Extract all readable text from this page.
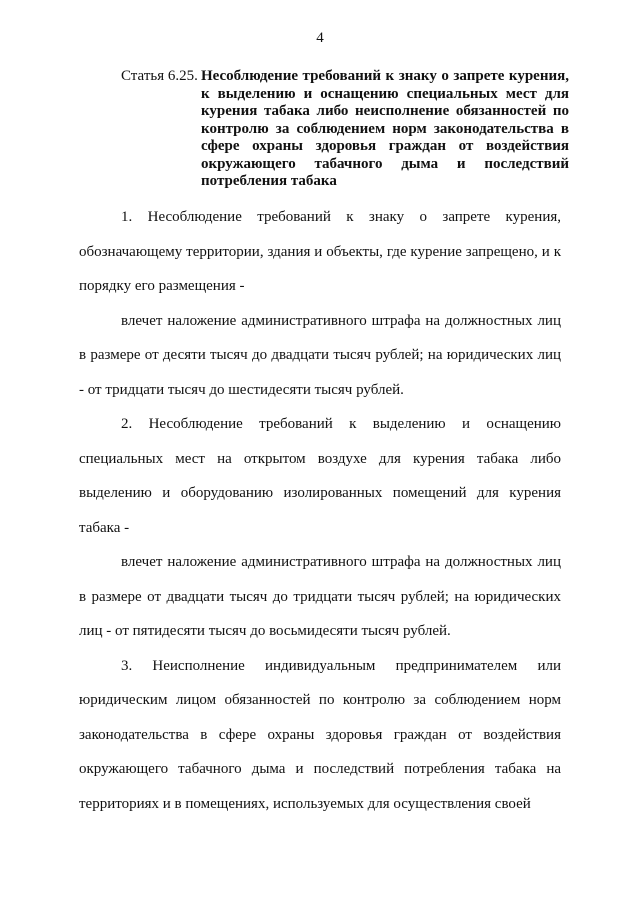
4
Статья 6.25. Несоблюдение требований к знаку о запрете курения, к выделению и оснащению специальных мест для курения табака либо неисполнение обязанностей по контролю за соблюдением норм законодательства в сфере охраны здоровья граждан от воздействия окружающего табачного дыма и последствий потребления табака

1. Несоблюдение требований к знаку о запрете курения, обозначающему территории, здания и объекты, где курение запрещено, и к порядку его размещения -

влечет наложение административного штрафа на должностных лиц в размере от десяти тысяч до двадцати тысяч рублей; на юридических лиц - от тридцати тысяч до шестидесяти тысяч рублей.

2. Несоблюдение требований к выделению и оснащению специальных мест на открытом воздухе для курения табака либо выделению и оборудованию изолированных помещений для курения табака -

влечет наложение административного штрафа на должностных лиц в размере от двадцати тысяч до тридцати тысяч рублей; на юридических лиц - от пятидесяти тысяч до восьмидесяти тысяч рублей.

3. Неисполнение индивидуальным предпринимателем или юридическим лицом обязанностей по контролю за соблюдением норм законодательства в сфере охраны здоровья граждан от воздействия окружающего табачного дыма и последствий потребления табака на территориях и в помещениях, используемых для осуществления своей
